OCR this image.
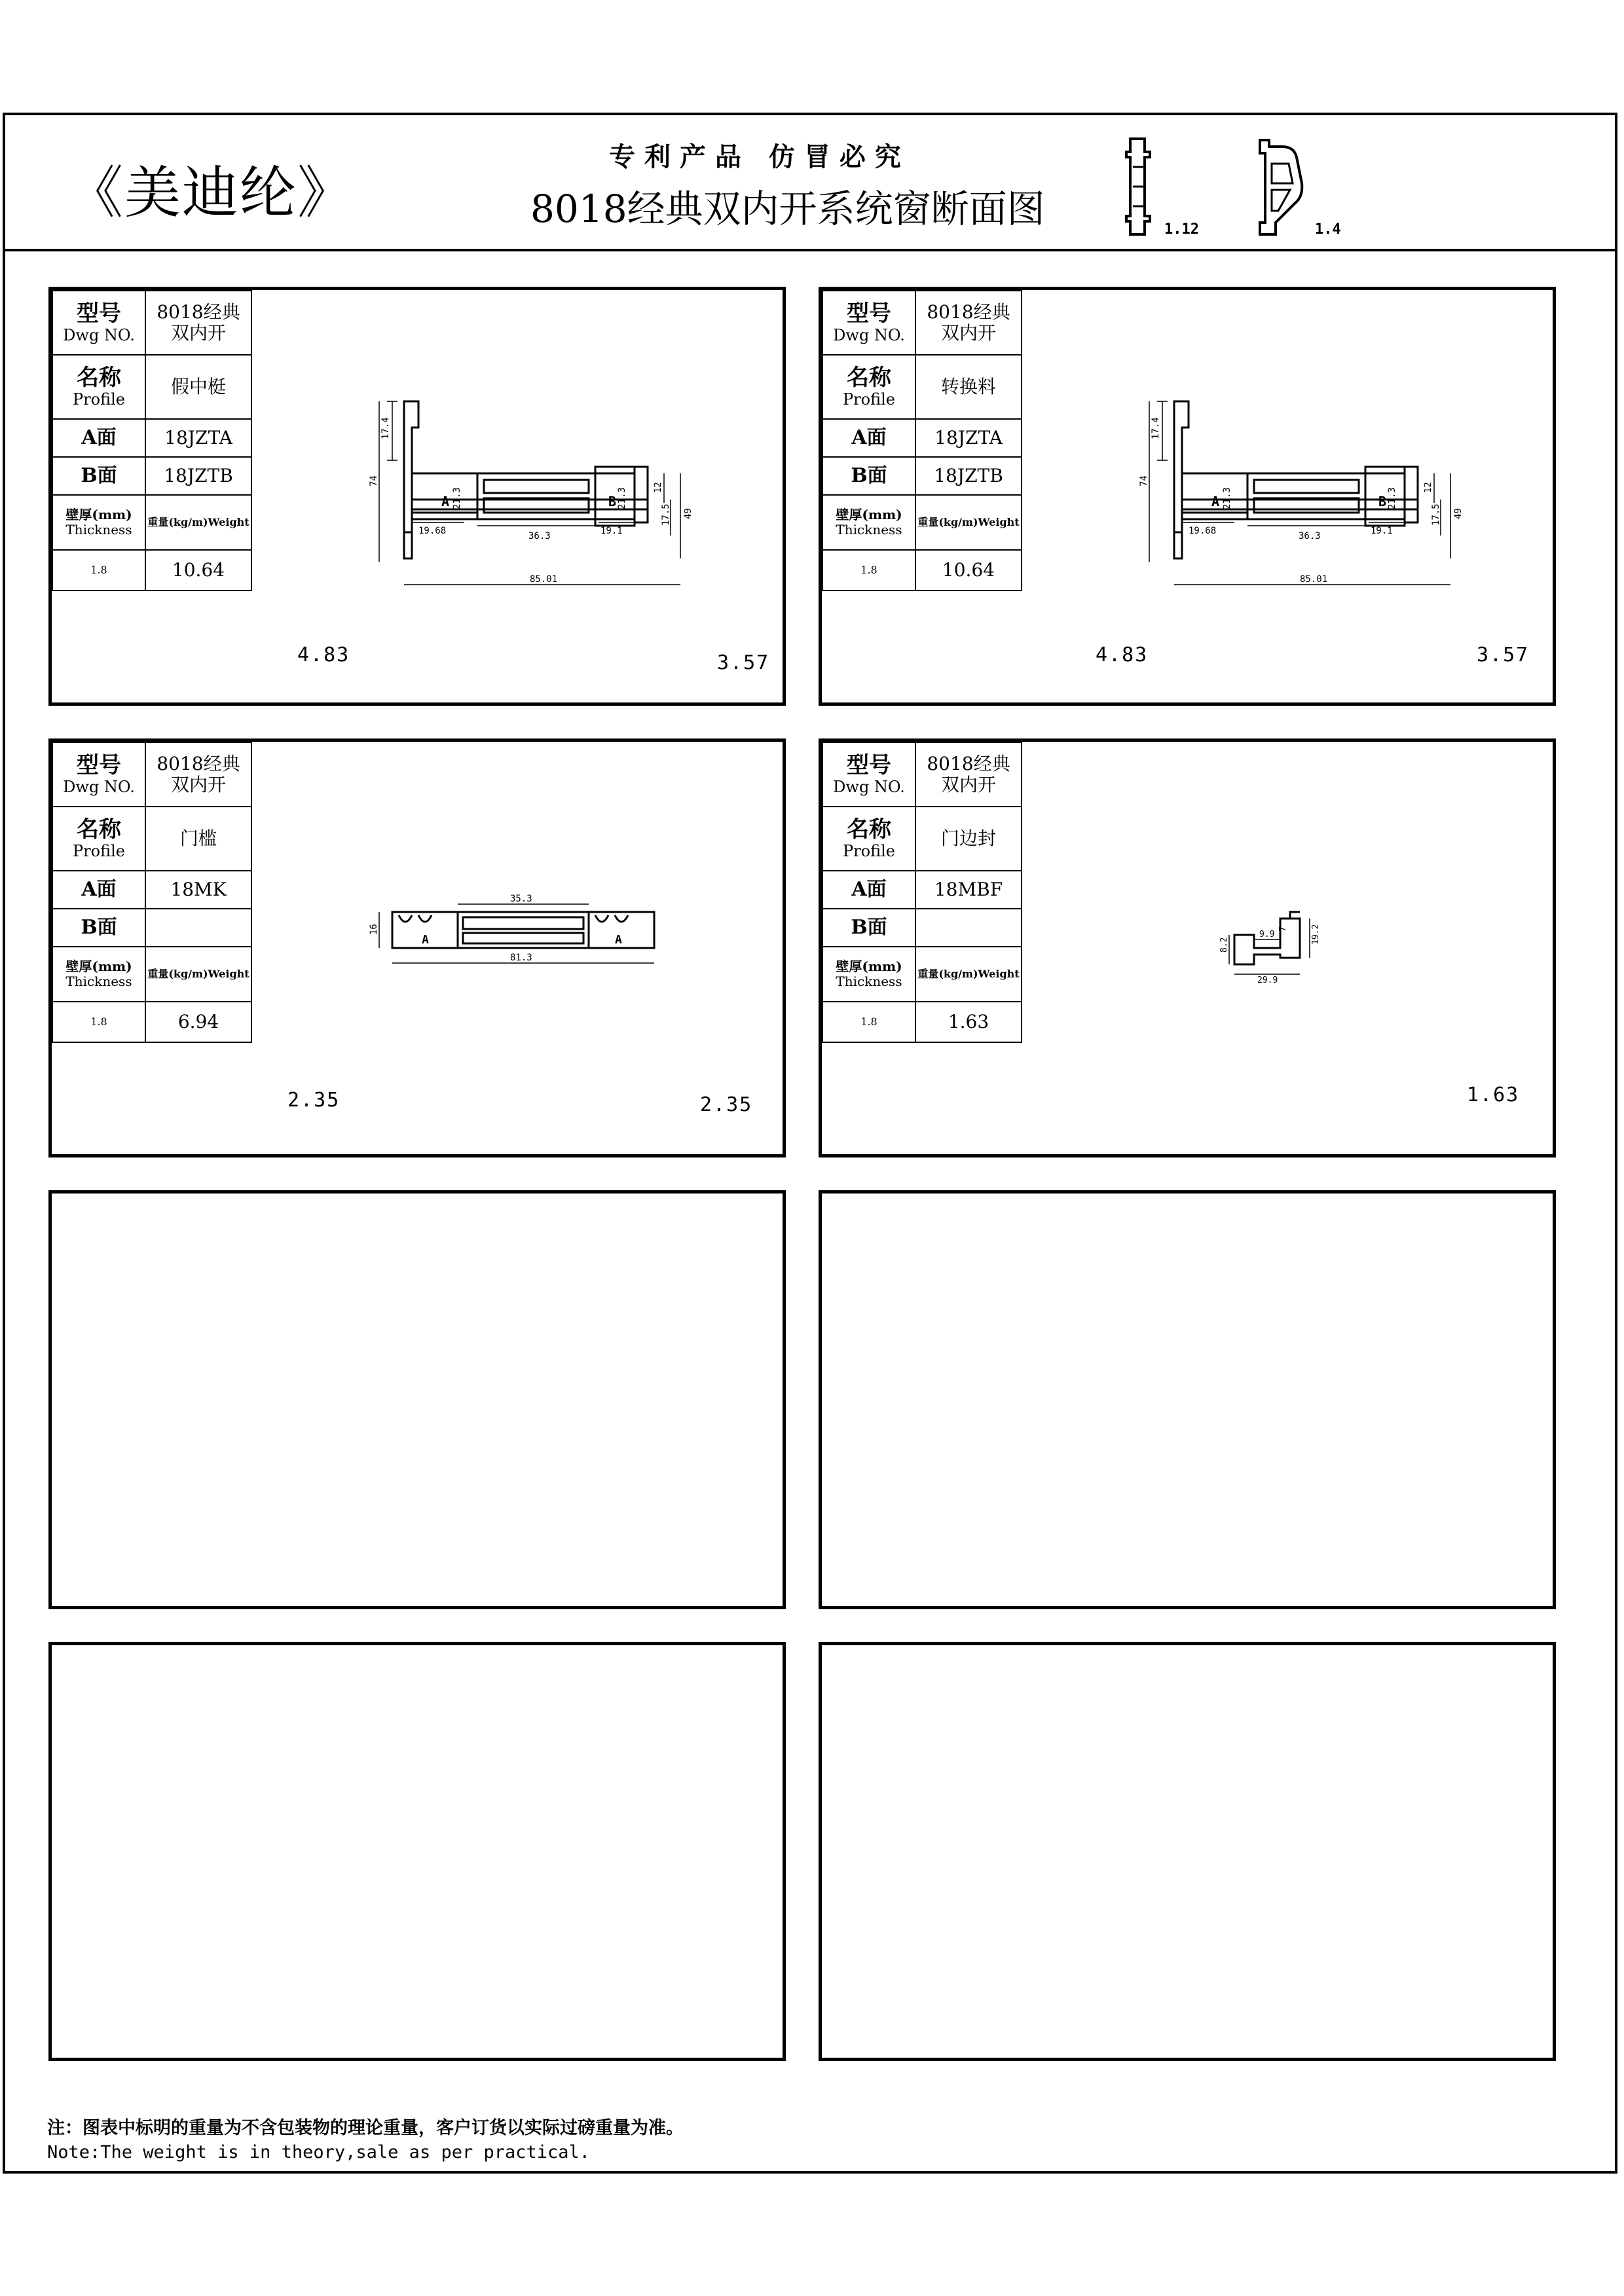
《美迪纶》
专利产品 仿冒必究
8018经典双内开系统窗断面图	1.12	1.4
型号
Dwg NO.	8018经典
双内开

名称
Profile	假中梃

A面	18JZTA

B面	18JZTB

壁厚(mm)
Thickness	重量(kg/m)Weight
1.8	10.64
17.4
74
21.3	21.3	12
17.5 49
19.68	19.1
36.3
85.01
A	B
4.83	3.57
型号
Dwg NO.	8018经典
双内开

名称
Profile	转换料

A面	18JZTA

B面	18JZTB

壁厚(mm)
Thickness	重量(kg/m)Weight
1.8	10.64
17.4
74
21.3	21.3	12
17.5 49
19.68	19.1
36.3
85.01
A	B
4.83	3.57
型号
Dwg NO.	8018经典
双内开

名称
Profile	门槛

A面	18MK

B面	

壁厚(mm)
Thickness	重量(kg/m)Weight
1.8	6.94
35.3
16
81.3
A	A
2.35	2.35
型号
Dwg NO.	8018经典
双内开

名称
Profile	门边封

A面	18MBF

B面	

壁厚(mm)
Thickness	重量(kg/m)Weight
1.8	1.63
8.2
9.9
7	19.2
29.9
1.63
注：图表中标明的重量为不含包装物的理论重量，客户订货以实际过磅重量为准。
Note:The weight is in theory,sale as per practical.
